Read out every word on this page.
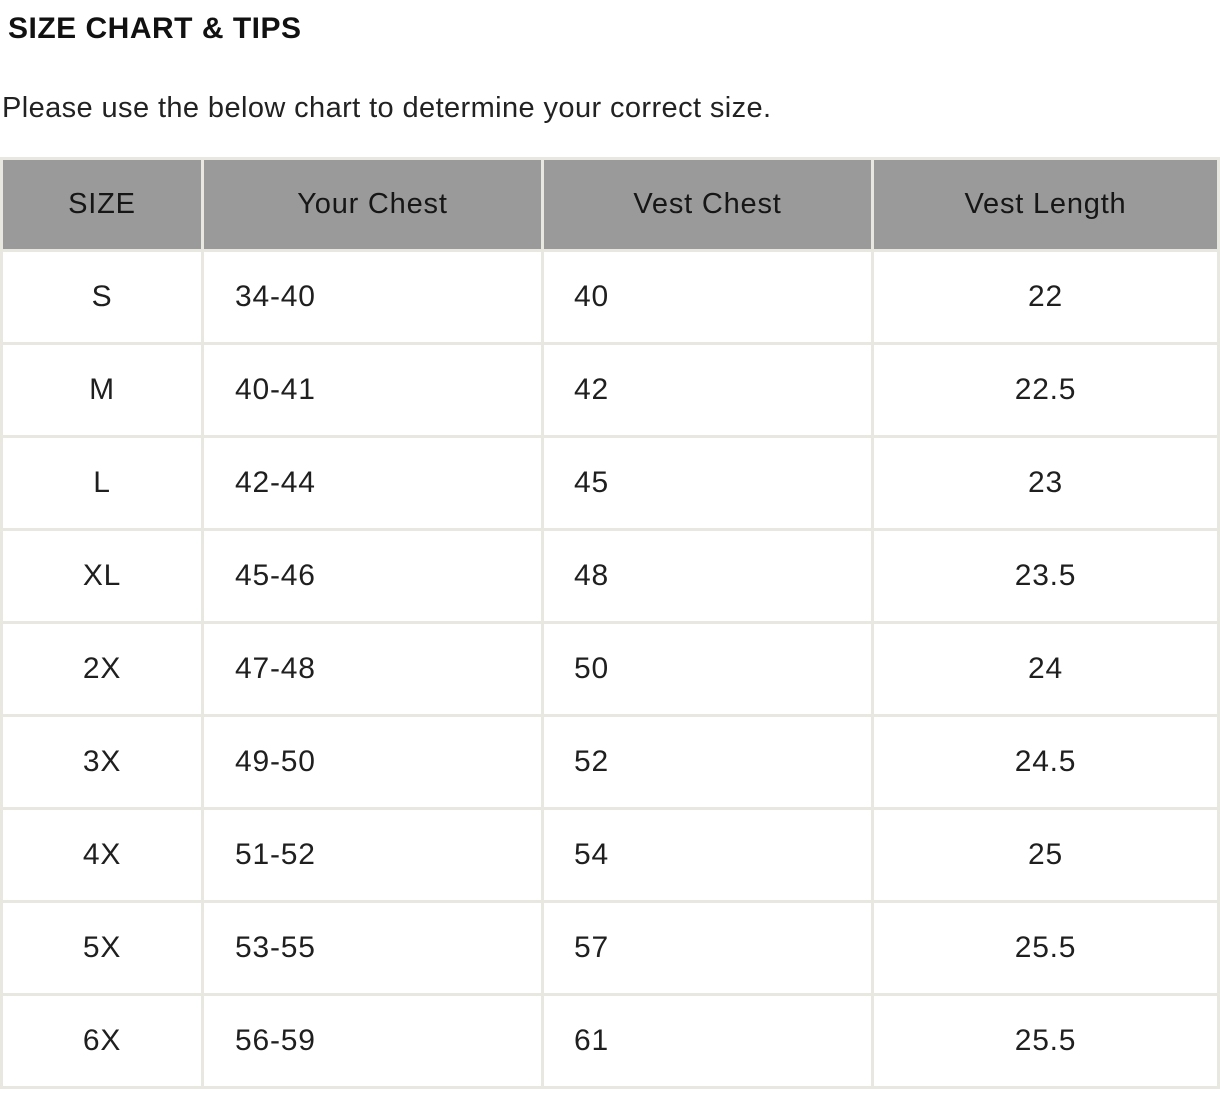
SIZE CHART & TIPS

Please use the below chart to determine your correct size.

SIZE	Your Chest	Vest Chest	Vest Length
S	34-40	40	22
M	40-41	42	22.5
L	42-44	45	23
XL	45-46	48	23.5
2X	47-48	50	24
3X	49-50	52	24.5
4X	51-52	54	25
5X	53-55	57	25.5
6X	56-59	61	25.5
